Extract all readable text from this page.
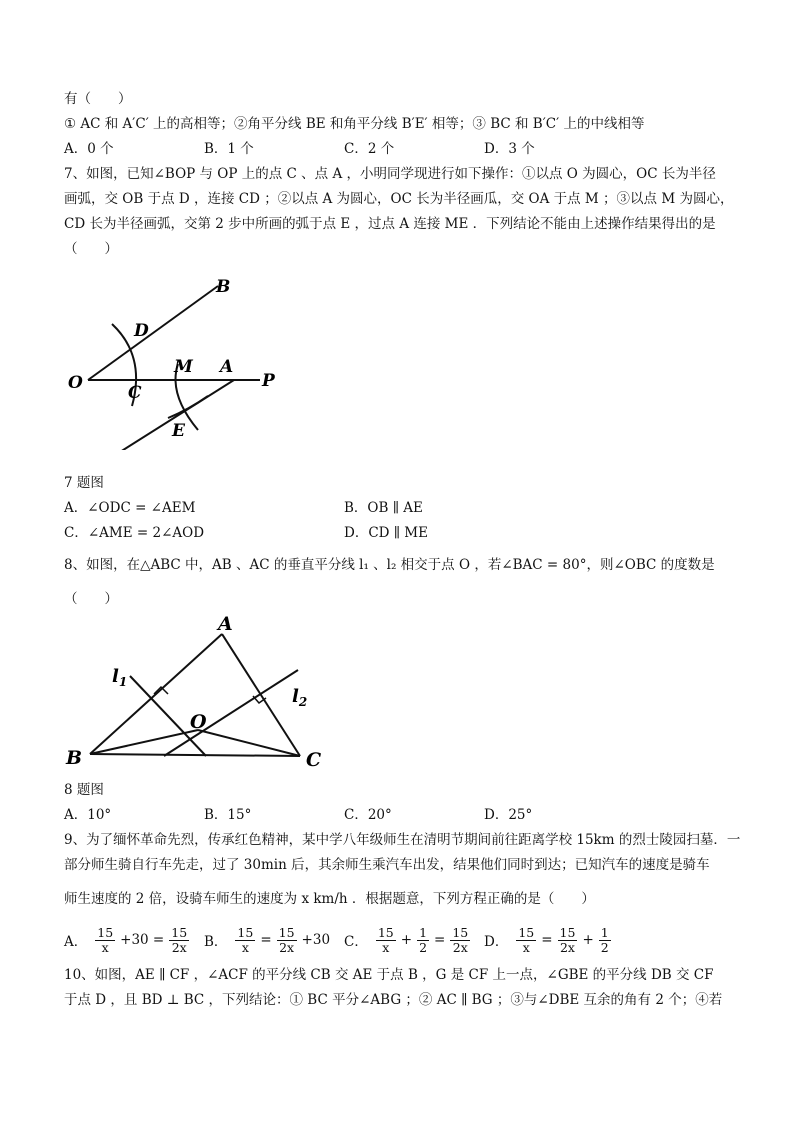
有（　　）
① AC 和 A′C′ 上的高相等；②角平分线 BE 和角平分线 B′E′ 相等；③ BC 和 B′C′ 上的中线相等
A．0 个	B．1 个	C．2 个	D．3 个
7、如图，已知∠BOP 与 OP 上的点 C 、点 A ，小明同学现进行如下操作：①以点 O 为圆心，OC 长为半径
画弧，交 OB 于点 D ，连接 CD ；②以点 A 为圆心，OC 长为半径画瓜，交 OA 于点 M ；③以点 M 为圆心，
CD 长为半径画弧，交第 2 步中所画的弧于点 E ，过点 A 连接 ME ．下列结论不能由上述操作结果得出的是
（　　）
B
D
O	C
M A
P
E
7 题图
A．∠ODC = ∠AEM	B．OB ∥ AE
C．∠AME = 2∠AOD	D．CD ∥ ME
8、如图，在△ABC 中，AB 、AC 的垂直平分线 l₁ 、l₂ 相交于点 O ，若∠BAC = 80°，则∠OBC 的度数是
（　　）
A
B	C
O
$l_1$
$l_2$
8 题图
A．10°	B．15°	C．20°	D．25°
9、为了缅怀革命先烈，传承红色精神，某中学八年级师生在清明节期间前往距离学校 15km 的烈士陵园扫墓．一
部分师生骑自行车先走，过了 30min 后，其余师生乘汽车出发，结果他们同时到达；已知汽车的速度是骑车
师生速度的 2 倍，设骑车师生的速度为 x km/h ．根据题意，下列方程正确的是（　　）
A． $\frac{15}{x} +30 = \frac{15}{2x}$ B． $\frac{15}{x} = \frac{15}{2x} +30$ C． $\frac{15}{x} + \frac{1}{2} = \frac{15}{2x}$ D． $\frac{15}{x} = \frac{15}{2x} + \frac{1}{2}$
10、如图，AE ∥ CF ，∠ACF 的平分线 CB 交 AE 于点 B ，G 是 CF 上一点，∠GBE 的平分线 DB 交 CF
于点 D ，且 BD ⊥ BC ，下列结论：① BC 平分∠ABG ；② AC ∥ BG ；③与∠DBE 互余的角有 2 个；④若
